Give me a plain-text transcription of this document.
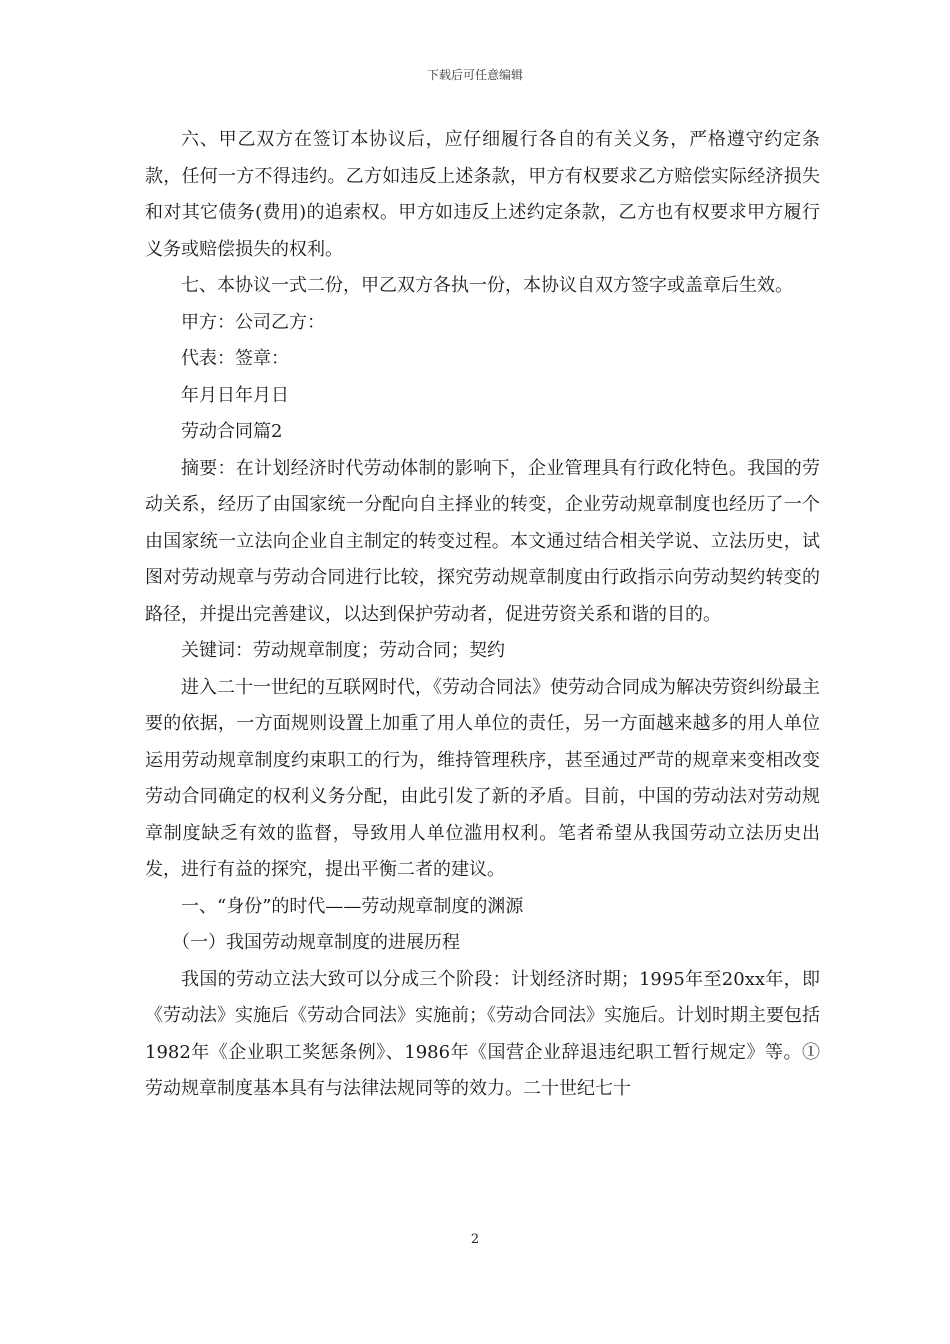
下载后可任意编辑

六、甲乙双方在签订本协议后，应仔细履行各自的有关义务，严格遵守约定条款，任何一方不得违约。乙方如违反上述条款，甲方有权要求乙方赔偿实际经济损失和对其它债务(费用)的追索权。甲方如违反上述约定条款，乙方也有权要求甲方履行义务或赔偿损失的权利。

七、本协议一式二份，甲乙双方各执一份，本协议自双方签字或盖章后生效。

甲方：公司乙方：

代表：签章：

年月日年月日

劳动合同篇2

摘要：在计划经济时代劳动体制的影响下，企业管理具有行政化特色。我国的劳动关系，经历了由国家统一分配向自主择业的转变，企业劳动规章制度也经历了一个由国家统一立法向企业自主制定的转变过程。本文通过结合相关学说、立法历史，试图对劳动规章与劳动合同进行比较，探究劳动规章制度由行政指示向劳动契约转变的路径，并提出完善建议，以达到保护劳动者，促进劳资关系和谐的目的。

关键词：劳动规章制度；劳动合同；契约

进入二十一世纪的互联网时代，《劳动合同法》使劳动合同成为解决劳资纠纷最主要的依据，一方面规则设置上加重了用人单位的责任，另一方面越来越多的用人单位运用劳动规章制度约束职工的行为，维持管理秩序，甚至通过严苛的规章来变相改变劳动合同确定的权利义务分配，由此引发了新的矛盾。目前，中国的劳动法对劳动规章制度缺乏有效的监督，导致用人单位滥用权利。笔者希望从我国劳动立法历史出发，进行有益的探究，提出平衡二者的建议。

一、“身份”的时代——劳动规章制度的渊源

（一）我国劳动规章制度的进展历程

我国的劳动立法大致可以分成三个阶段：计划经济时期；1995年至20xx年，即《劳动法》实施后《劳动合同法》实施前；《劳动合同法》实施后。计划时期主要包括1982年《企业职工奖惩条例》、1986年《国营企业辞退违纪职工暂行规定》等。①劳动规章制度基本具有与法律法规同等的效力。二十世纪七十

2
